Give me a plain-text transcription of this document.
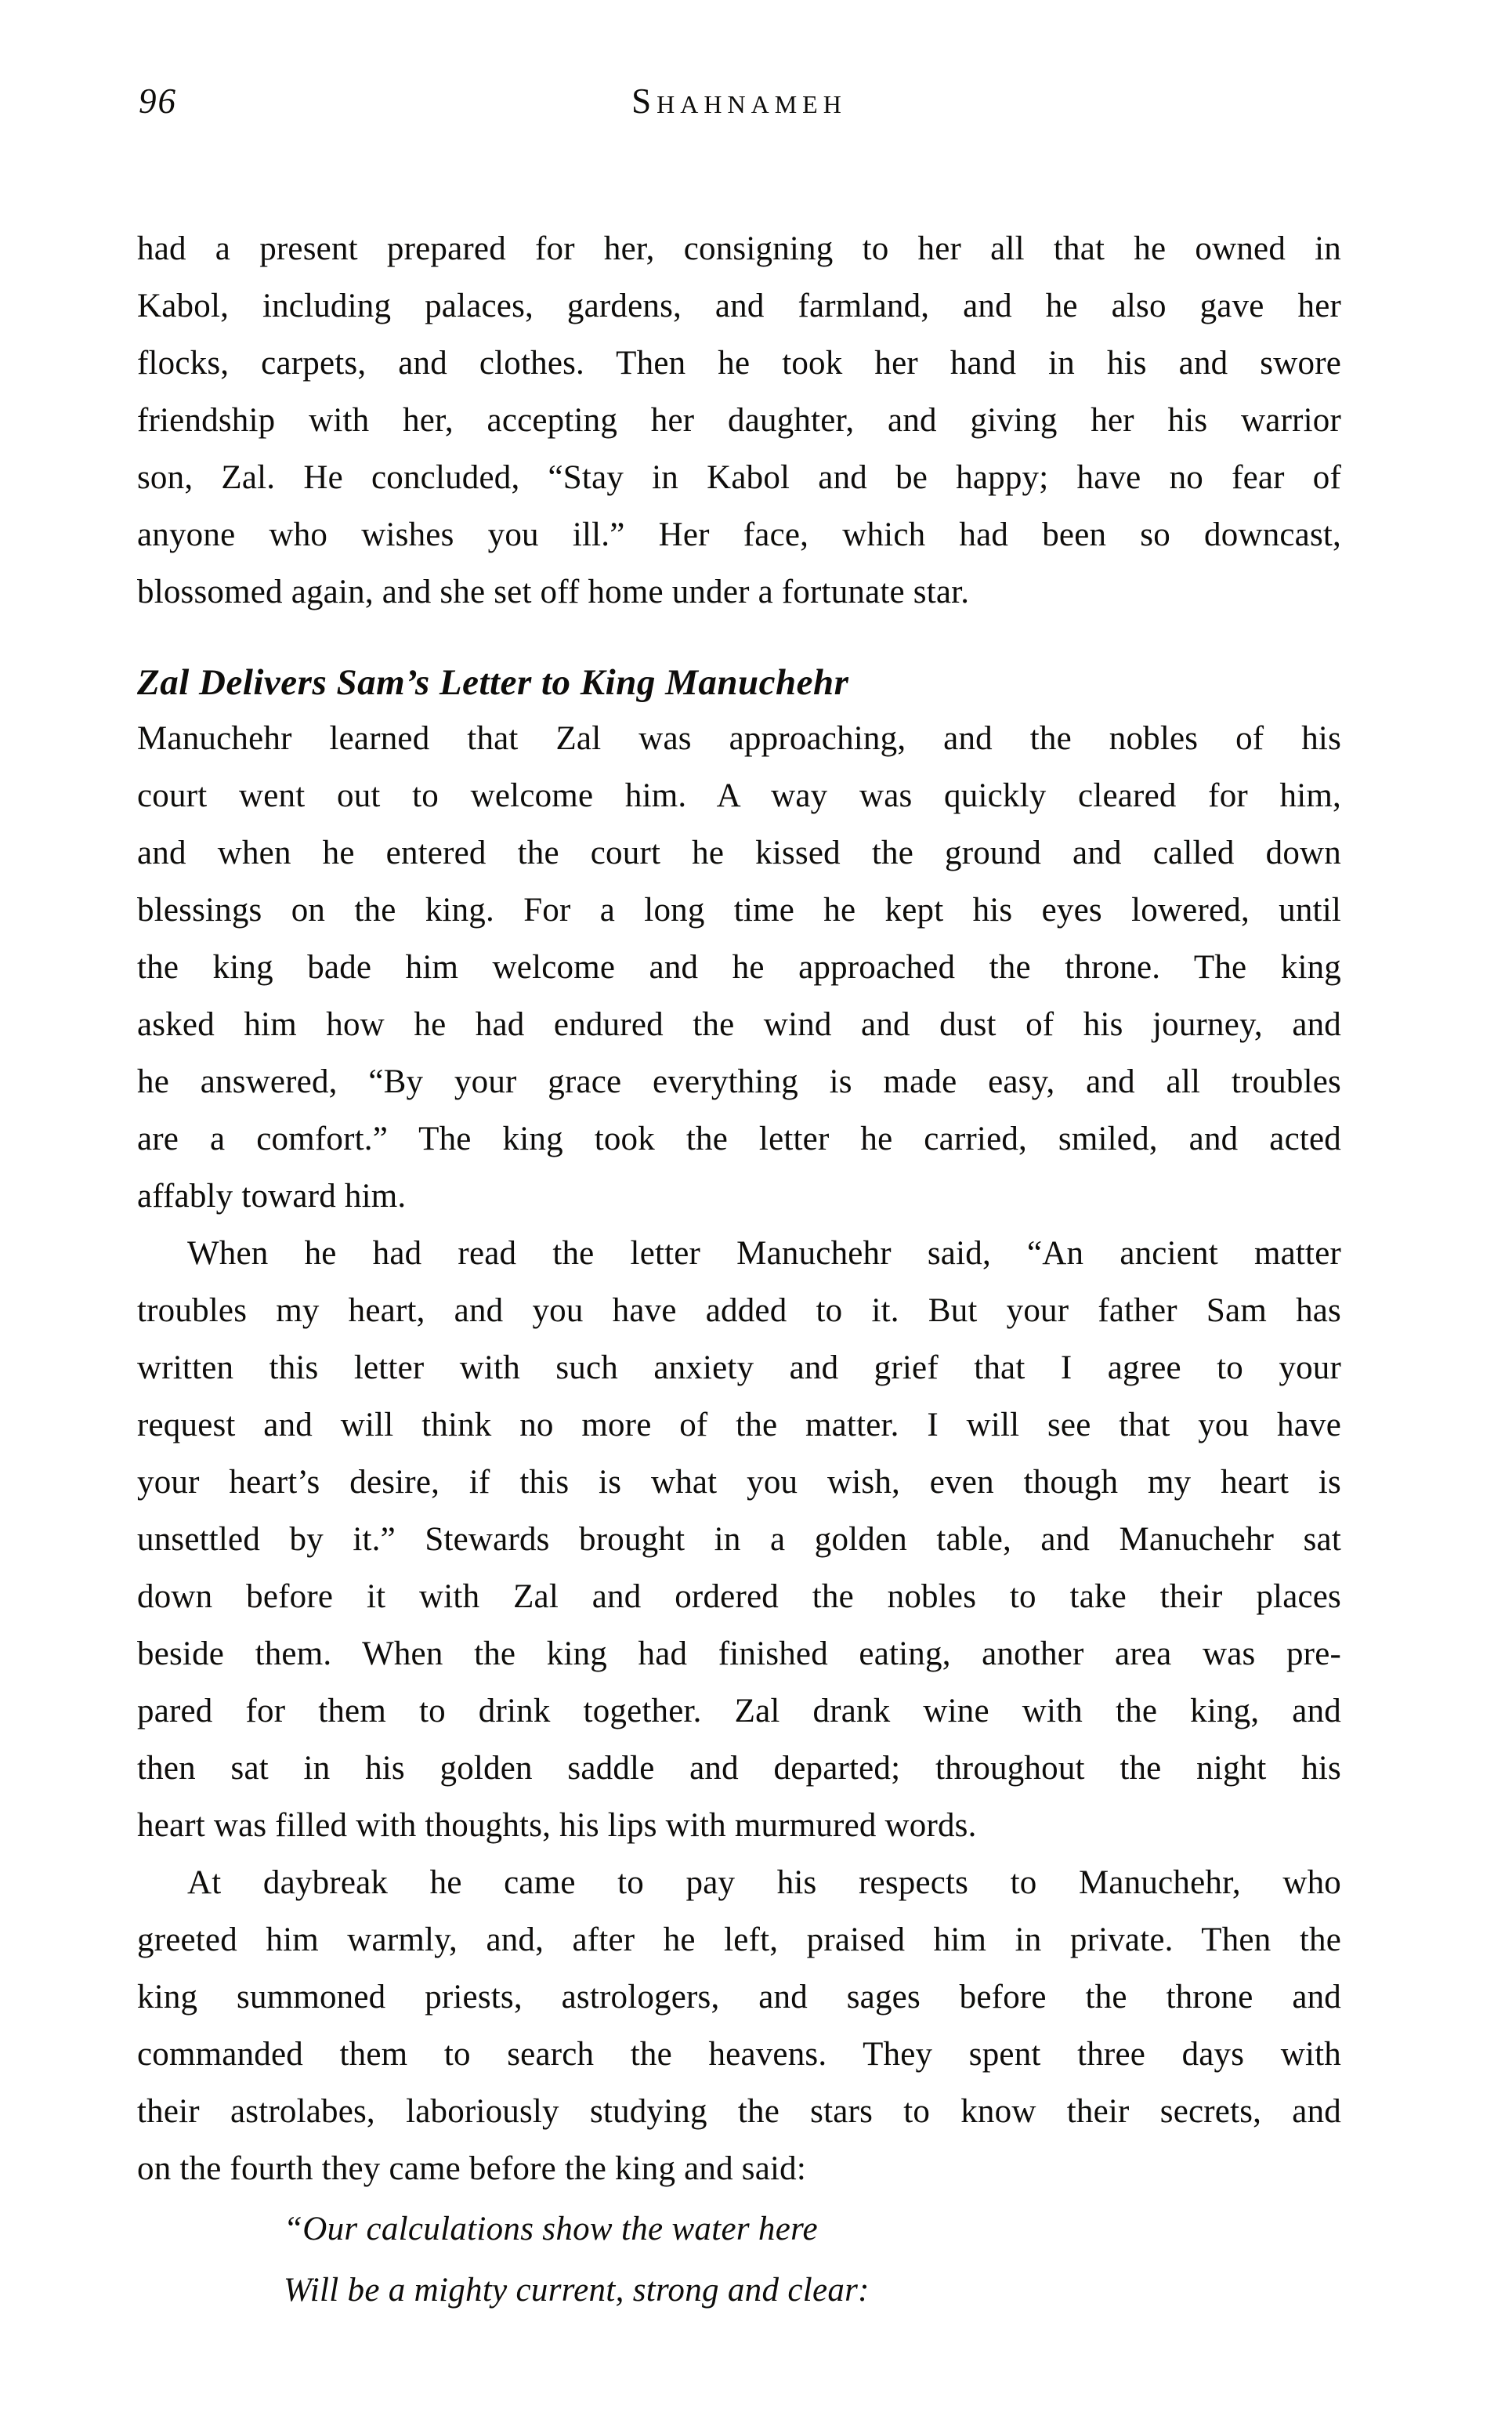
96	Shahnameh
had a present prepared for her, consigning to her all that he owned in
Kabol, including palaces, gardens, and farmland, and he also gave her
flocks, carpets, and clothes. Then he took her hand in his and swore
friendship with her, accepting her daughter, and giving her his warrior
son, Zal. He concluded, “Stay in Kabol and be happy; have no fear of
anyone who wishes you ill.” Her face, which had been so downcast,
blossomed again, and she set off home under a fortunate star.
Zal Delivers Sam’s Letter to King Manuchehr
Manuchehr learned that Zal was approaching, and the nobles of his
court went out to welcome him. A way was quickly cleared for him,
and when he entered the court he kissed the ground and called down
blessings on the king. For a long time he kept his eyes lowered, until
the king bade him welcome and he approached the throne. The king
asked him how he had endured the wind and dust of his journey, and
he answered, “By your grace everything is made easy, and all troubles
are a comfort.” The king took the letter he carried, smiled, and acted
affably toward him.
When he had read the letter Manuchehr said, “An ancient matter
troubles my heart, and you have added to it. But your father Sam has
written this letter with such anxiety and grief that I agree to your
request and will think no more of the matter. I will see that you have
your heart’s desire, if this is what you wish, even though my heart is
unsettled by it.” Stewards brought in a golden table, and Manuchehr sat
down before it with Zal and ordered the nobles to take their places
beside them. When the king had finished eating, another area was pre-
pared for them to drink together. Zal drank wine with the king, and
then sat in his golden saddle and departed; throughout the night his
heart was filled with thoughts, his lips with murmured words.
At daybreak he came to pay his respects to Manuchehr, who
greeted him warmly, and, after he left, praised him in private. Then the
king summoned priests, astrologers, and sages before the throne and
commanded them to search the heavens. They spent three days with
their astrolabes, laboriously studying the stars to know their secrets, and
on the fourth they came before the king and said:
“Our calculations show the water here
Will be a mighty current, strong and clear:
